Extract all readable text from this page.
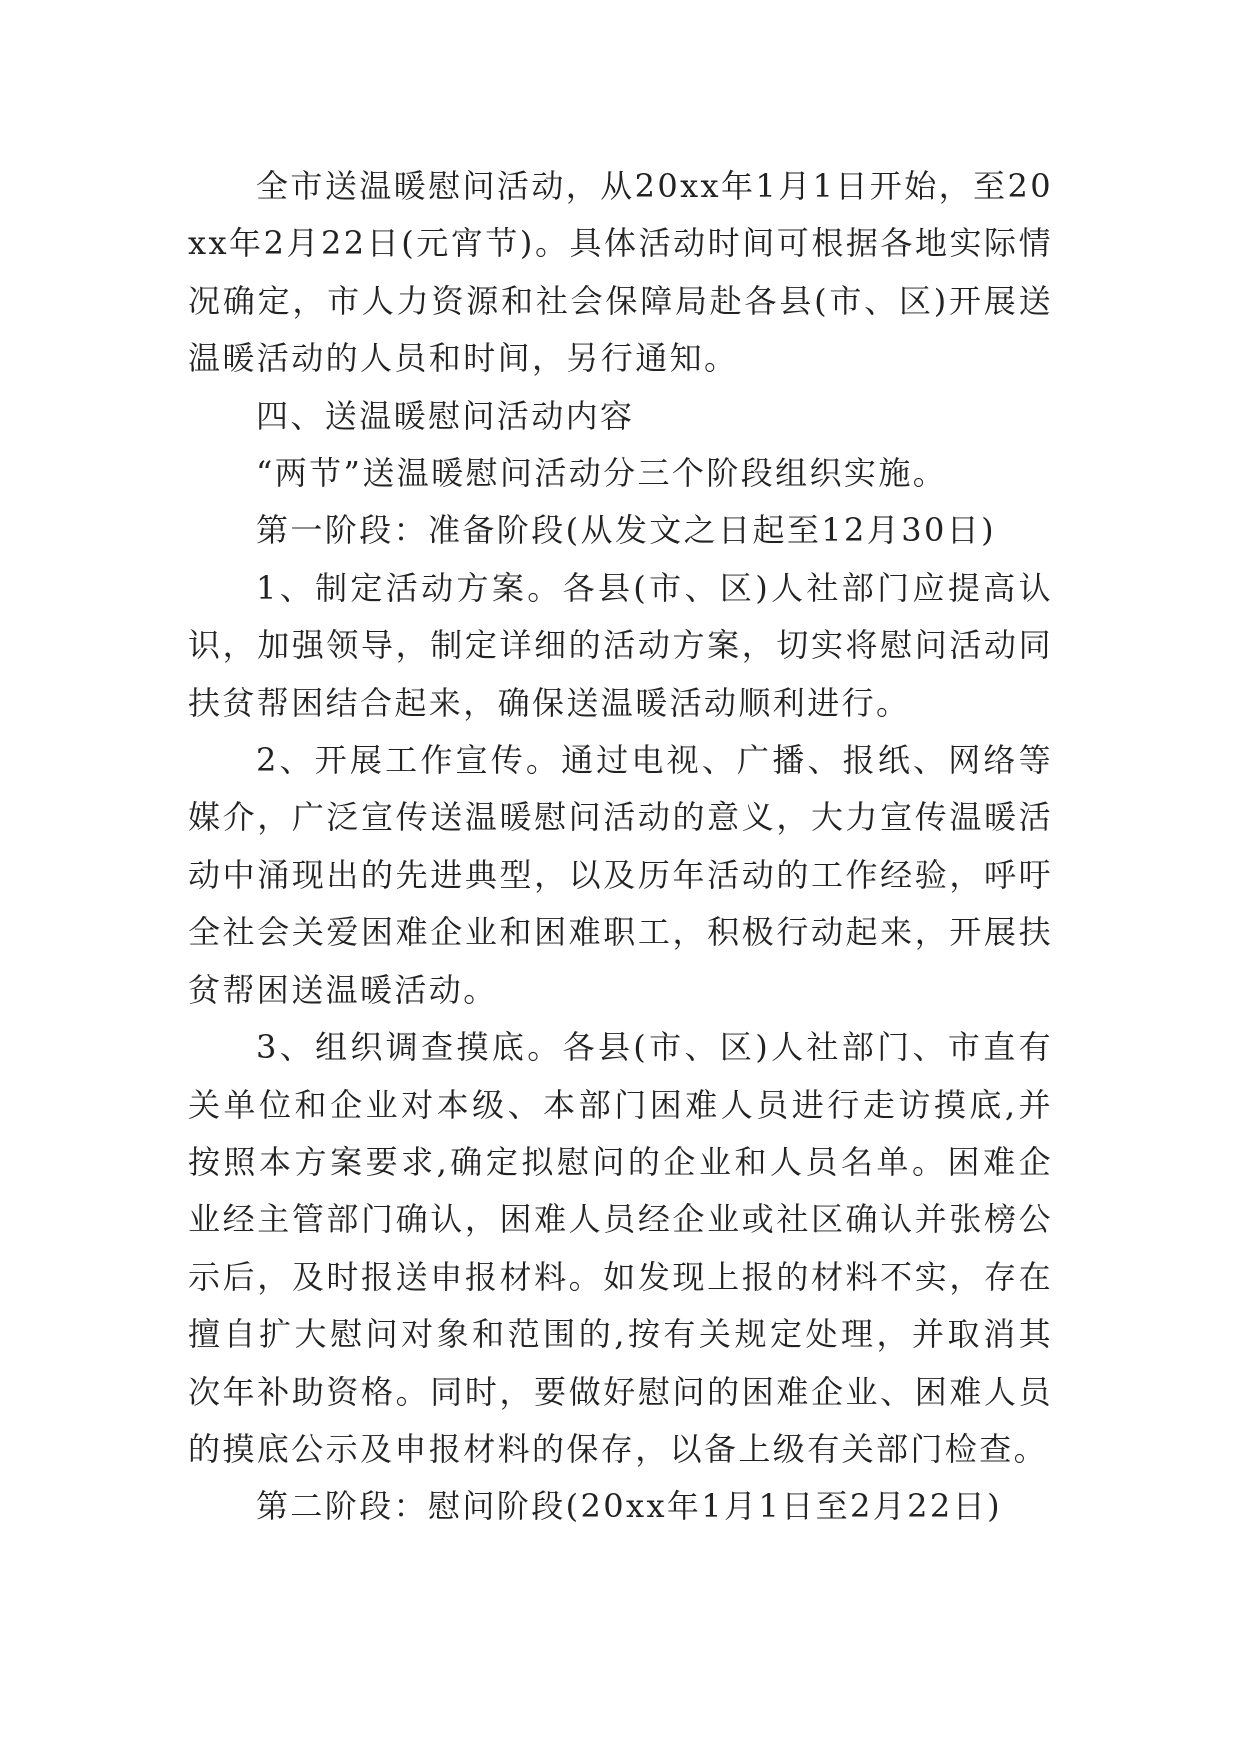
全市送温暖慰问活动，从20xx年1月1日开始，至20xx年2月22日(元宵节)。具体活动时间可根据各地实际情况确定，市人力资源和社会保障局赴各县(市、区)开展送温暖活动的人员和时间，另行通知。

四、送温暖慰问活动内容

“两节”送温暖慰问活动分三个阶段组织实施。

第一阶段：准备阶段(从发文之日起至12月30日)

1、制定活动方案。各县(市、区)人社部门应提高认识，加强领导，制定详细的活动方案，切实将慰问活动同扶贫帮困结合起来，确保送温暖活动顺利进行。

2、开展工作宣传。通过电视、广播、报纸、网络等媒介，广泛宣传送温暖慰问活动的意义，大力宣传温暖活动中涌现出的先进典型，以及历年活动的工作经验，呼吁全社会关爱困难企业和困难职工，积极行动起来，开展扶贫帮困送温暖活动。

3、组织调查摸底。各县(市、区)人社部门、市直有关单位和企业对本级、本部门困难人员进行走访摸底,并按照本方案要求,确定拟慰问的企业和人员名单。困难企业经主管部门确认，困难人员经企业或社区确认并张榜公示后，及时报送申报材料。如发现上报的材料不实，存在擅自扩大慰问对象和范围的,按有关规定处理，并取消其次年补助资格。同时，要做好慰问的困难企业、困难人员的摸底公示及申报材料的保存，以备上级有关部门检查。

第二阶段：慰问阶段(20xx年1月1日至2月22日)
